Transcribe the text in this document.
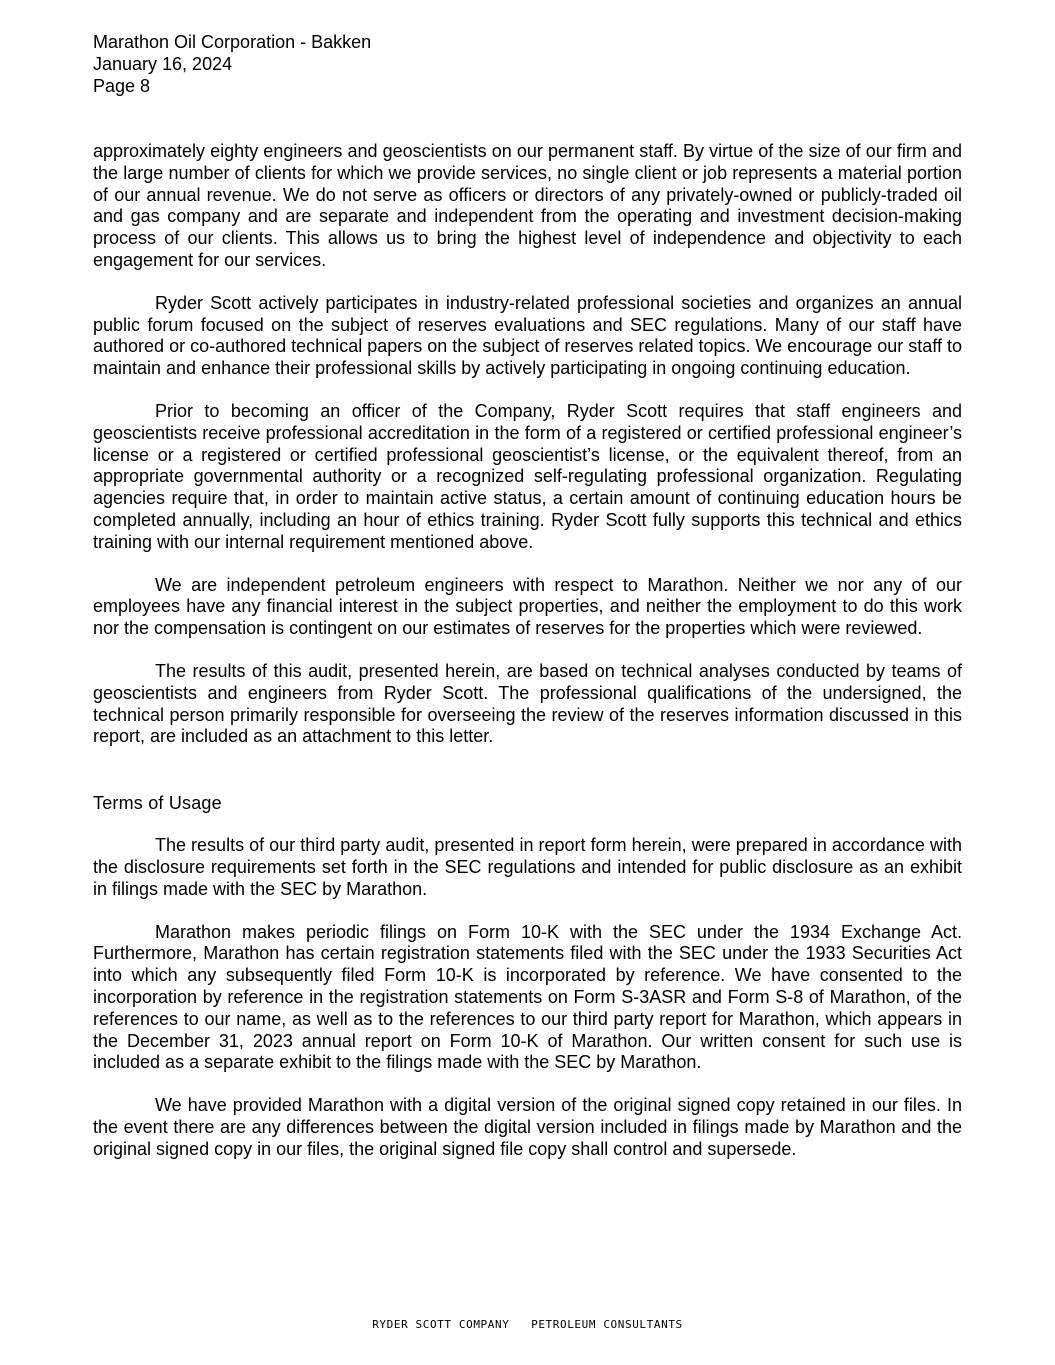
Marathon Oil Corporation - Bakken

January 16, 2024

Page 8

approximately eighty engineers and geoscientists on our permanent staff. By virtue of the size of our firm and the large number of clients for which we provide services, no single client or job represents a material portion of our annual revenue. We do not serve as officers or directors of any privately-owned or publicly-traded oil and gas company and are separate and independent from the operating and investment decision-making process of our clients. This allows us to bring the highest level of independence and objectivity to each engagement for our services.

Ryder Scott actively participates in industry-related professional societies and organizes an annual public forum focused on the subject of reserves evaluations and SEC regulations. Many of our staff have authored or co-authored technical papers on the subject of reserves related topics. We encourage our staff to maintain and enhance their professional skills by actively participating in ongoing continuing education.

Prior to becoming an officer of the Company, Ryder Scott requires that staff engineers and geoscientists receive professional accreditation in the form of a registered or certified professional engineer’s license or a registered or certified professional geoscientist’s license, or the equivalent thereof, from an appropriate governmental authority or a recognized self-regulating professional organization. Regulating agencies require that, in order to maintain active status, a certain amount of continuing education hours be completed annually, including an hour of ethics training. Ryder Scott fully supports this technical and ethics training with our internal requirement mentioned above.

We are independent petroleum engineers with respect to Marathon. Neither we nor any of our employees have any financial interest in the subject properties, and neither the employment to do this work nor the compensation is contingent on our estimates of reserves for the properties which were reviewed.

The results of this audit, presented herein, are based on technical analyses conducted by teams of geoscientists and engineers from Ryder Scott. The professional qualifications of the undersigned, the technical person primarily responsible for overseeing the review of the reserves information discussed in this report, are included as an attachment to this letter.

Terms of Usage

The results of our third party audit, presented in report form herein, were prepared in accordance with the disclosure requirements set forth in the SEC regulations and intended for public disclosure as an exhibit in filings made with the SEC by Marathon.

Marathon makes periodic filings on Form 10-K with the SEC under the 1934 Exchange Act. Furthermore, Marathon has certain registration statements filed with the SEC under the 1933 Securities Act into which any subsequently filed Form 10-K is incorporated by reference. We have consented to the incorporation by reference in the registration statements on Form S-3ASR and Form S-8 of Marathon, of the references to our name, as well as to the references to our third party report for Marathon, which appears in the December 31, 2023 annual report on Form 10-K of Marathon. Our written consent for such use is included as a separate exhibit to the filings made with the SEC by Marathon.

We have provided Marathon with a digital version of the original signed copy retained in our files. In the event there are any differences between the digital version included in filings made by Marathon and the original signed copy in our files, the original signed file copy shall control and supersede.

RYDER SCOTT COMPANY   PETROLEUM CONSULTANTS
